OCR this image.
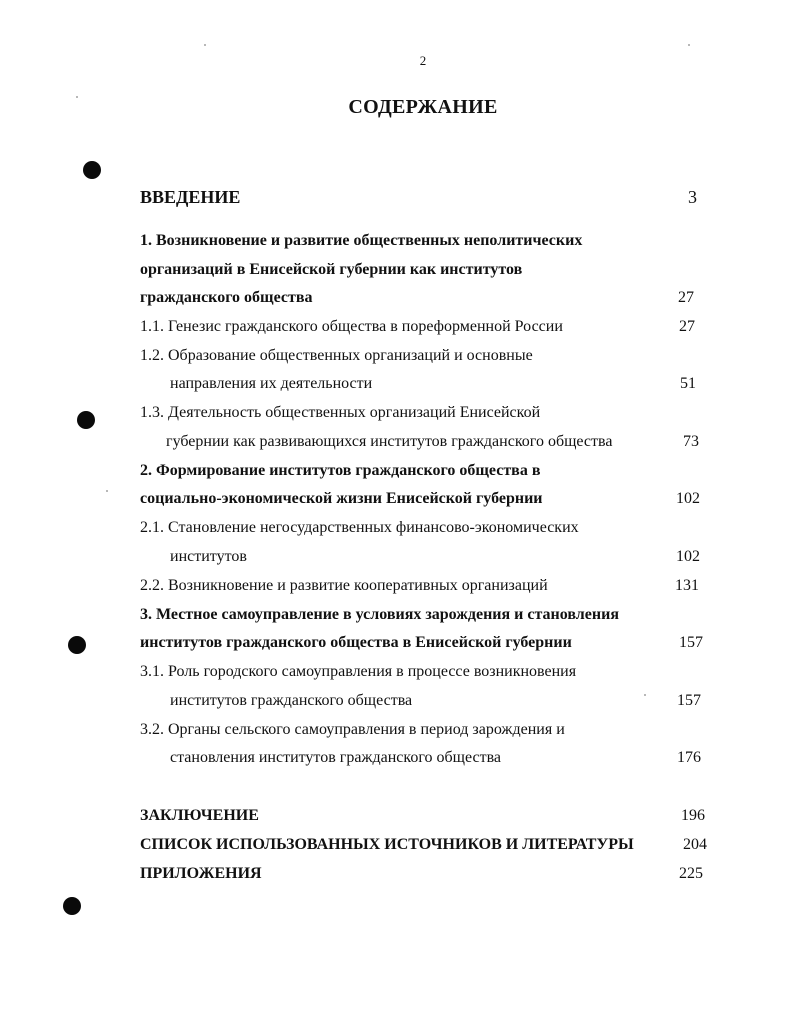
2
СОДЕРЖАНИЕ
ВВЕДЕНИЕ	3
1. Возникновение и развитие общественных неполитических
организаций в Енисейской губернии как институтов
гражданского общества	27
1.1. Генезис гражданского общества в пореформенной России	27
1.2. Образование общественных организаций и основные
направления их деятельности	51
1.3. Деятельность общественных организаций Енисейской
губернии как развивающихся институтов гражданского общества	73
2. Формирование институтов гражданского общества в
социально-экономической жизни Енисейской губернии	102
2.1. Становление негосударственных финансово-экономических
институтов	102
2.2. Возникновение и развитие кооперативных организаций	131
3. Местное самоуправление в условиях зарождения и становления
институтов гражданского общества в Енисейской губернии	157
3.1. Роль городского самоуправления в процессе возникновения
институтов гражданского общества	157
3.2. Органы сельского самоуправления в период зарождения и
становления институтов гражданского общества	176
ЗАКЛЮЧЕНИЕ	196
СПИСОК ИСПОЛЬЗОВАННЫХ ИСТОЧНИКОВ И ЛИТЕРАТУРЫ	204
ПРИЛОЖЕНИЯ	225
